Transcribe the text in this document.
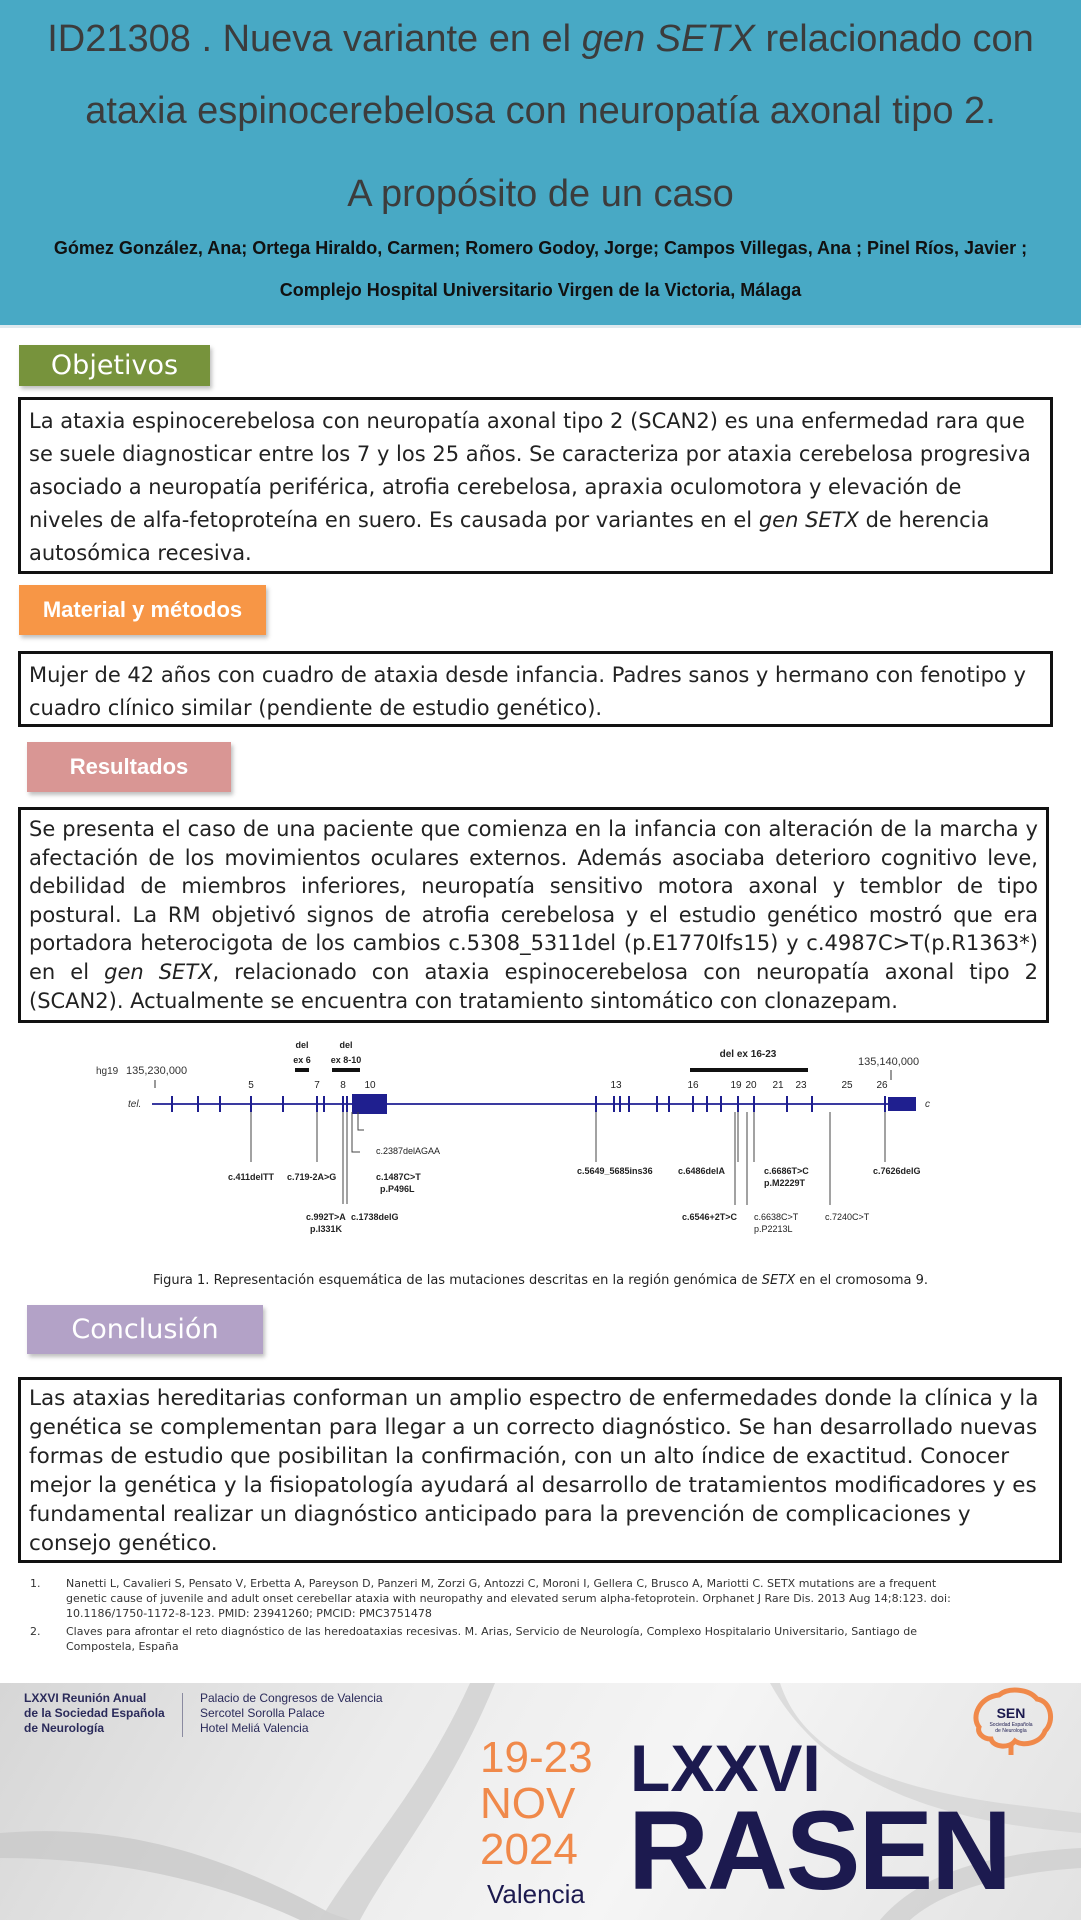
ID21308 . Nueva variante en el gen SETX relacionado con
ataxia espinocerebelosa con neuropatía axonal tipo 2.
A propósito de un caso
Gómez González, Ana; Ortega Hiraldo, Carmen; Romero Godoy, Jorge; Campos Villegas, Ana ; Pinel Ríos, Javier ;
Complejo Hospital Universitario Virgen de la Victoria, Málaga
Objetivos
La ataxia espinocerebelosa con neuropatía axonal tipo 2 (SCAN2) es una enfermedad rara que se suele diagnosticar entre los 7 y los 25 años. Se caracteriza por ataxia cerebelosa progresiva asociado a neuropatía periférica, atrofia cerebelosa, apraxia oculomotora y elevación de niveles de alfa-fetoproteína en suero. Es causada por variantes en el gen SETX de herencia autosómica recesiva.
Material y métodos
Mujer de 42 años con cuadro de ataxia desde infancia. Padres sanos y hermano con fenotipo y cuadro clínico similar (pendiente de estudio genético).
Resultados
Se presenta el caso de una paciente que comienza en la infancia con alteración de la marcha y afectación de los movimientos oculares externos. Además asociaba deterioro cognitivo leve, debilidad de miembros inferiores, neuropatía sensitivo motora axonal y temblor de tipo postural. La RM objetivó signos de atrofia cerebelosa y el estudio genético mostró que era portadora heterocigota de los cambios c.5308_5311del (p.E1770Ifs15) y c.4987C>T(p.R1363*) en el gen SETX, relacionado con ataxia espinocerebelosa con neuropatía axonal tipo 2 (SCAN2). Actualmente se encuentra con tratamiento sintomático con clonazepam.
hg19 135,230,000
135,140,000
tel.	c
5	7 8 10	13	16	19 20 21 23	25 26
del
ex 6
del
ex 8-10	del ex 16-23
c.2387delAGAA
c.1487C>T
p.P496L
c.411delTT c.719-2A>G
c.992T>A
p.I331K
c.1738delG
c.5649_5685ins36	c.6486delA	c.6686T>C
p.M2229T
c.7626delG
c.6546+2T>C c.6638C>T
p.P2213L
c.7240C>T
Figura 1. Representación esquemática de las mutaciones descritas en la región genómica de SETX en el cromosoma 9.
Conclusión
Las ataxias hereditarias conforman un amplio espectro de enfermedades donde la clínica y la genética se complementan para llegar a un correcto diagnóstico. Se han desarrollado nuevas formas de estudio que posibilitan la confirmación, con un alto índice de exactitud. Conocer mejor la genética y la fisiopatología ayudará al desarrollo de tratamientos modificadores y es fundamental realizar un diagnóstico anticipado para la prevención de complicaciones y consejo genético.
1. Nanetti L, Cavalieri S, Pensato V, Erbetta A, Pareyson D, Panzeri M, Zorzi G, Antozzi C, Moroni I, Gellera C, Brusco A, Mariotti C. SETX mutations are a frequent genetic cause of juvenile and adult onset cerebellar ataxia with neuropathy and elevated serum alpha-fetoprotein. Orphanet J Rare Dis. 2013 Aug 14;8:123. doi: 10.1186/1750-1172-8-123. PMID: 23941260; PMCID: PMC3751478
2. Claves para afrontar el reto diagnóstico de las heredoataxias recesivas. M. Arias, Servicio de Neurología, Complexo Hospitalario Universitario, Santiago de Compostela, España
LXXVI Reunión Anual
de la Sociedad Española
de Neurología
Palacio de Congresos de Valencia
Sercotel Sorolla Palace
Hotel Meliá Valencia
19-23
NOV
2024
Valencia
LXXVI
RASEN
SEN
Sociedad Española
de Neurología
